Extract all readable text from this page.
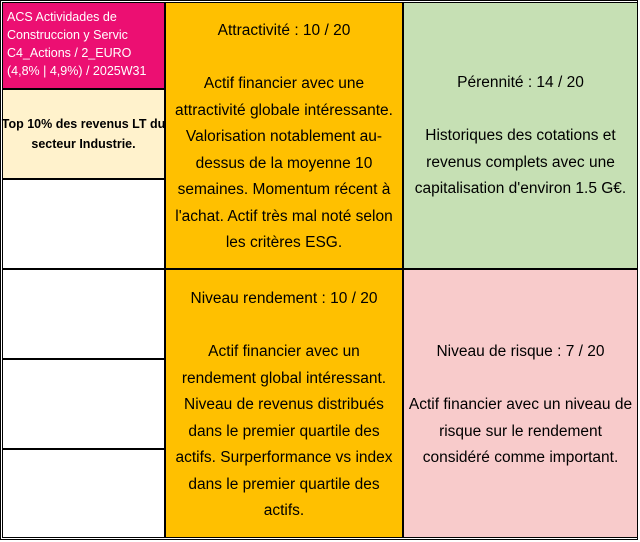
ACS Actividades de
Construccion y Servic
C4_Actions / 2_EURO
(4,8% | 4,9%) / 2025W31
Top 10% des revenus LT du
secteur Industrie.
Attractivité : 10 / 20
Actif financier avec une
attractivité globale intéressante.
Valorisation notablement au-
dessus de la moyenne 10
semaines. Momentum récent à
l'achat. Actif très mal noté selon
les critères ESG.
Pérennité : 14 / 20
Historiques des cotations et
revenus complets avec une
capitalisation d'environ 1.5 G€.
Niveau rendement : 10 / 20
Actif financier avec un
rendement global intéressant.
Niveau de revenus distribués
dans le premier quartile des
actifs. Surperformance vs index
dans le premier quartile des
actifs.
Niveau de risque : 7 / 20
Actif financier avec un niveau de
risque sur le rendement
considéré comme important.
